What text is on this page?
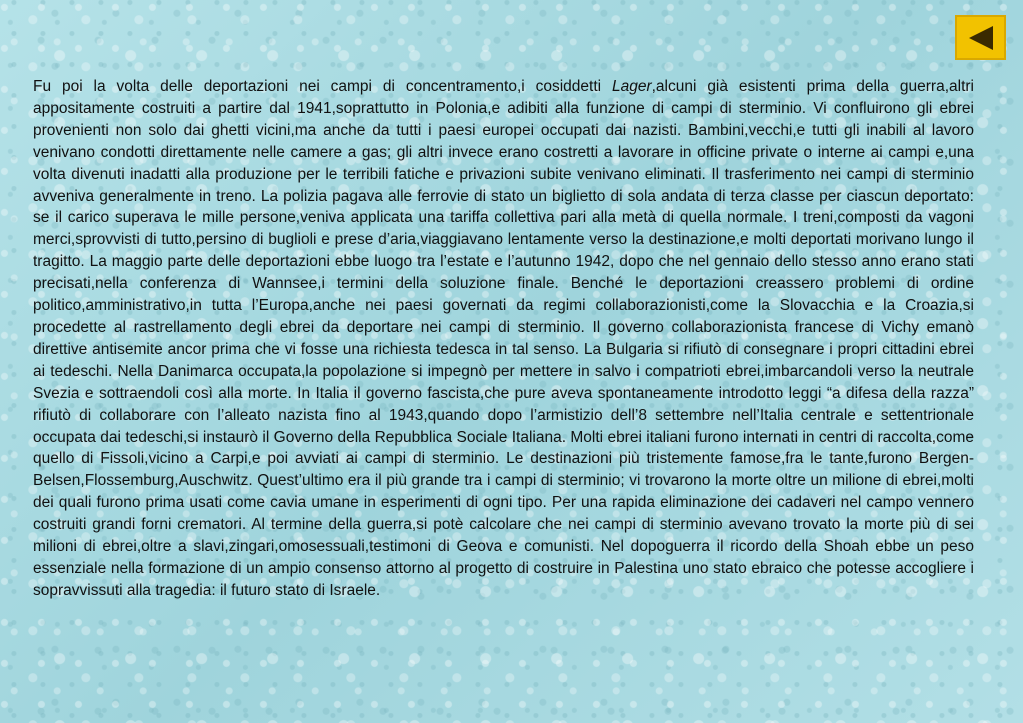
Fu poi la volta delle deportazioni nei campi di concentramento,i cosiddetti Lager,alcuni già esistenti prima della guerra,altri appositamente costruiti a partire dal 1941,soprattutto in Polonia,e adibiti alla funzione di campi di sterminio. Vi confluirono gli ebrei provenienti non solo dai ghetti vicini,ma anche da tutti i paesi europei occupati dai nazisti. Bambini,vecchi,e tutti gli inabili al lavoro venivano condotti direttamente nelle camere a gas; gli altri invece erano costretti a lavorare in officine private o interne ai campi e,una volta divenuti inadatti alla produzione per le terribili fatiche e privazioni subite venivano eliminati. Il trasferimento nei campi di sterminio avveniva generalmente in treno. La polizia pagava alle ferrovie di stato un biglietto di sola andata di terza classe per ciascun deportato: se il carico superava le mille persone,veniva applicata una tariffa collettiva pari alla metà di quella normale. I treni,composti da vagoni merci,sprovvisti di tutto,persino di buglioli e prese d’aria,viaggiavano lentamente verso la destinazione,e molti deportati morivano lungo il tragitto. La maggio parte delle deportazioni ebbe luogo tra l’estate e l’autunno 1942, dopo che nel gennaio dello stesso anno erano stati precisati,nella conferenza di Wannsee,i termini della soluzione finale. Benché le deportazioni creassero problemi di ordine politico,amministrativo,in tutta l’Europa,anche nei paesi governati da regimi collaborazionisti,come la Slovacchia e la Croazia,si procedette al rastrellamento degli ebrei da deportare nei campi di sterminio. Il governo collaborazionista francese di Vichy emanò direttive antisemite ancor prima che vi fosse una richiesta tedesca in tal senso. La Bulgaria si rifiutò di consegnare i propri cittadini ebrei ai tedeschi. Nella Danimarca occupata,la popolazione si impegnò per mettere in salvo i compatrioti ebrei,imbarcandoli verso la neutrale Svezia e sottraendoli così alla morte. In Italia il governo fascista,che pure aveva spontaneamente introdotto leggi “a difesa della razza” rifiutò di collaborare con l’alleato nazista fino al 1943,quando dopo l’armistizio dell’8 settembre nell’Italia centrale e settentrionale occupata dai tedeschi,si instaurò il Governo della Repubblica Sociale Italiana. Molti ebrei italiani furono internati in centri di raccolta,come quello di Fissoli,vicino a Carpi,e poi avviati ai campi di sterminio. Le destinazioni più tristemente famose,fra le tante,furono Bergen-Belsen,Flossemburg,Auschwitz. Quest’ultimo era il più grande tra i campi di sterminio; vi trovarono la morte oltre un milione di ebrei,molti dei quali furono prima usati come cavia umane in esperimenti di ogni tipo. Per una rapida eliminazione dei cadaveri nel campo vennero costruiti grandi forni crematori. Al termine della guerra,si potè calcolare che nei campi di sterminio avevano trovato la morte più di sei milioni di ebrei,oltre a slavi,zingari,omosessuali,testimoni di Geova e comunisti. Nel dopoguerra il ricordo della Shoah ebbe un peso essenziale nella formazione di un ampio consenso attorno al progetto di costruire in Palestina uno stato ebraico che potesse accogliere i sopravvissuti alla tragedia: il futuro stato di Israele.
